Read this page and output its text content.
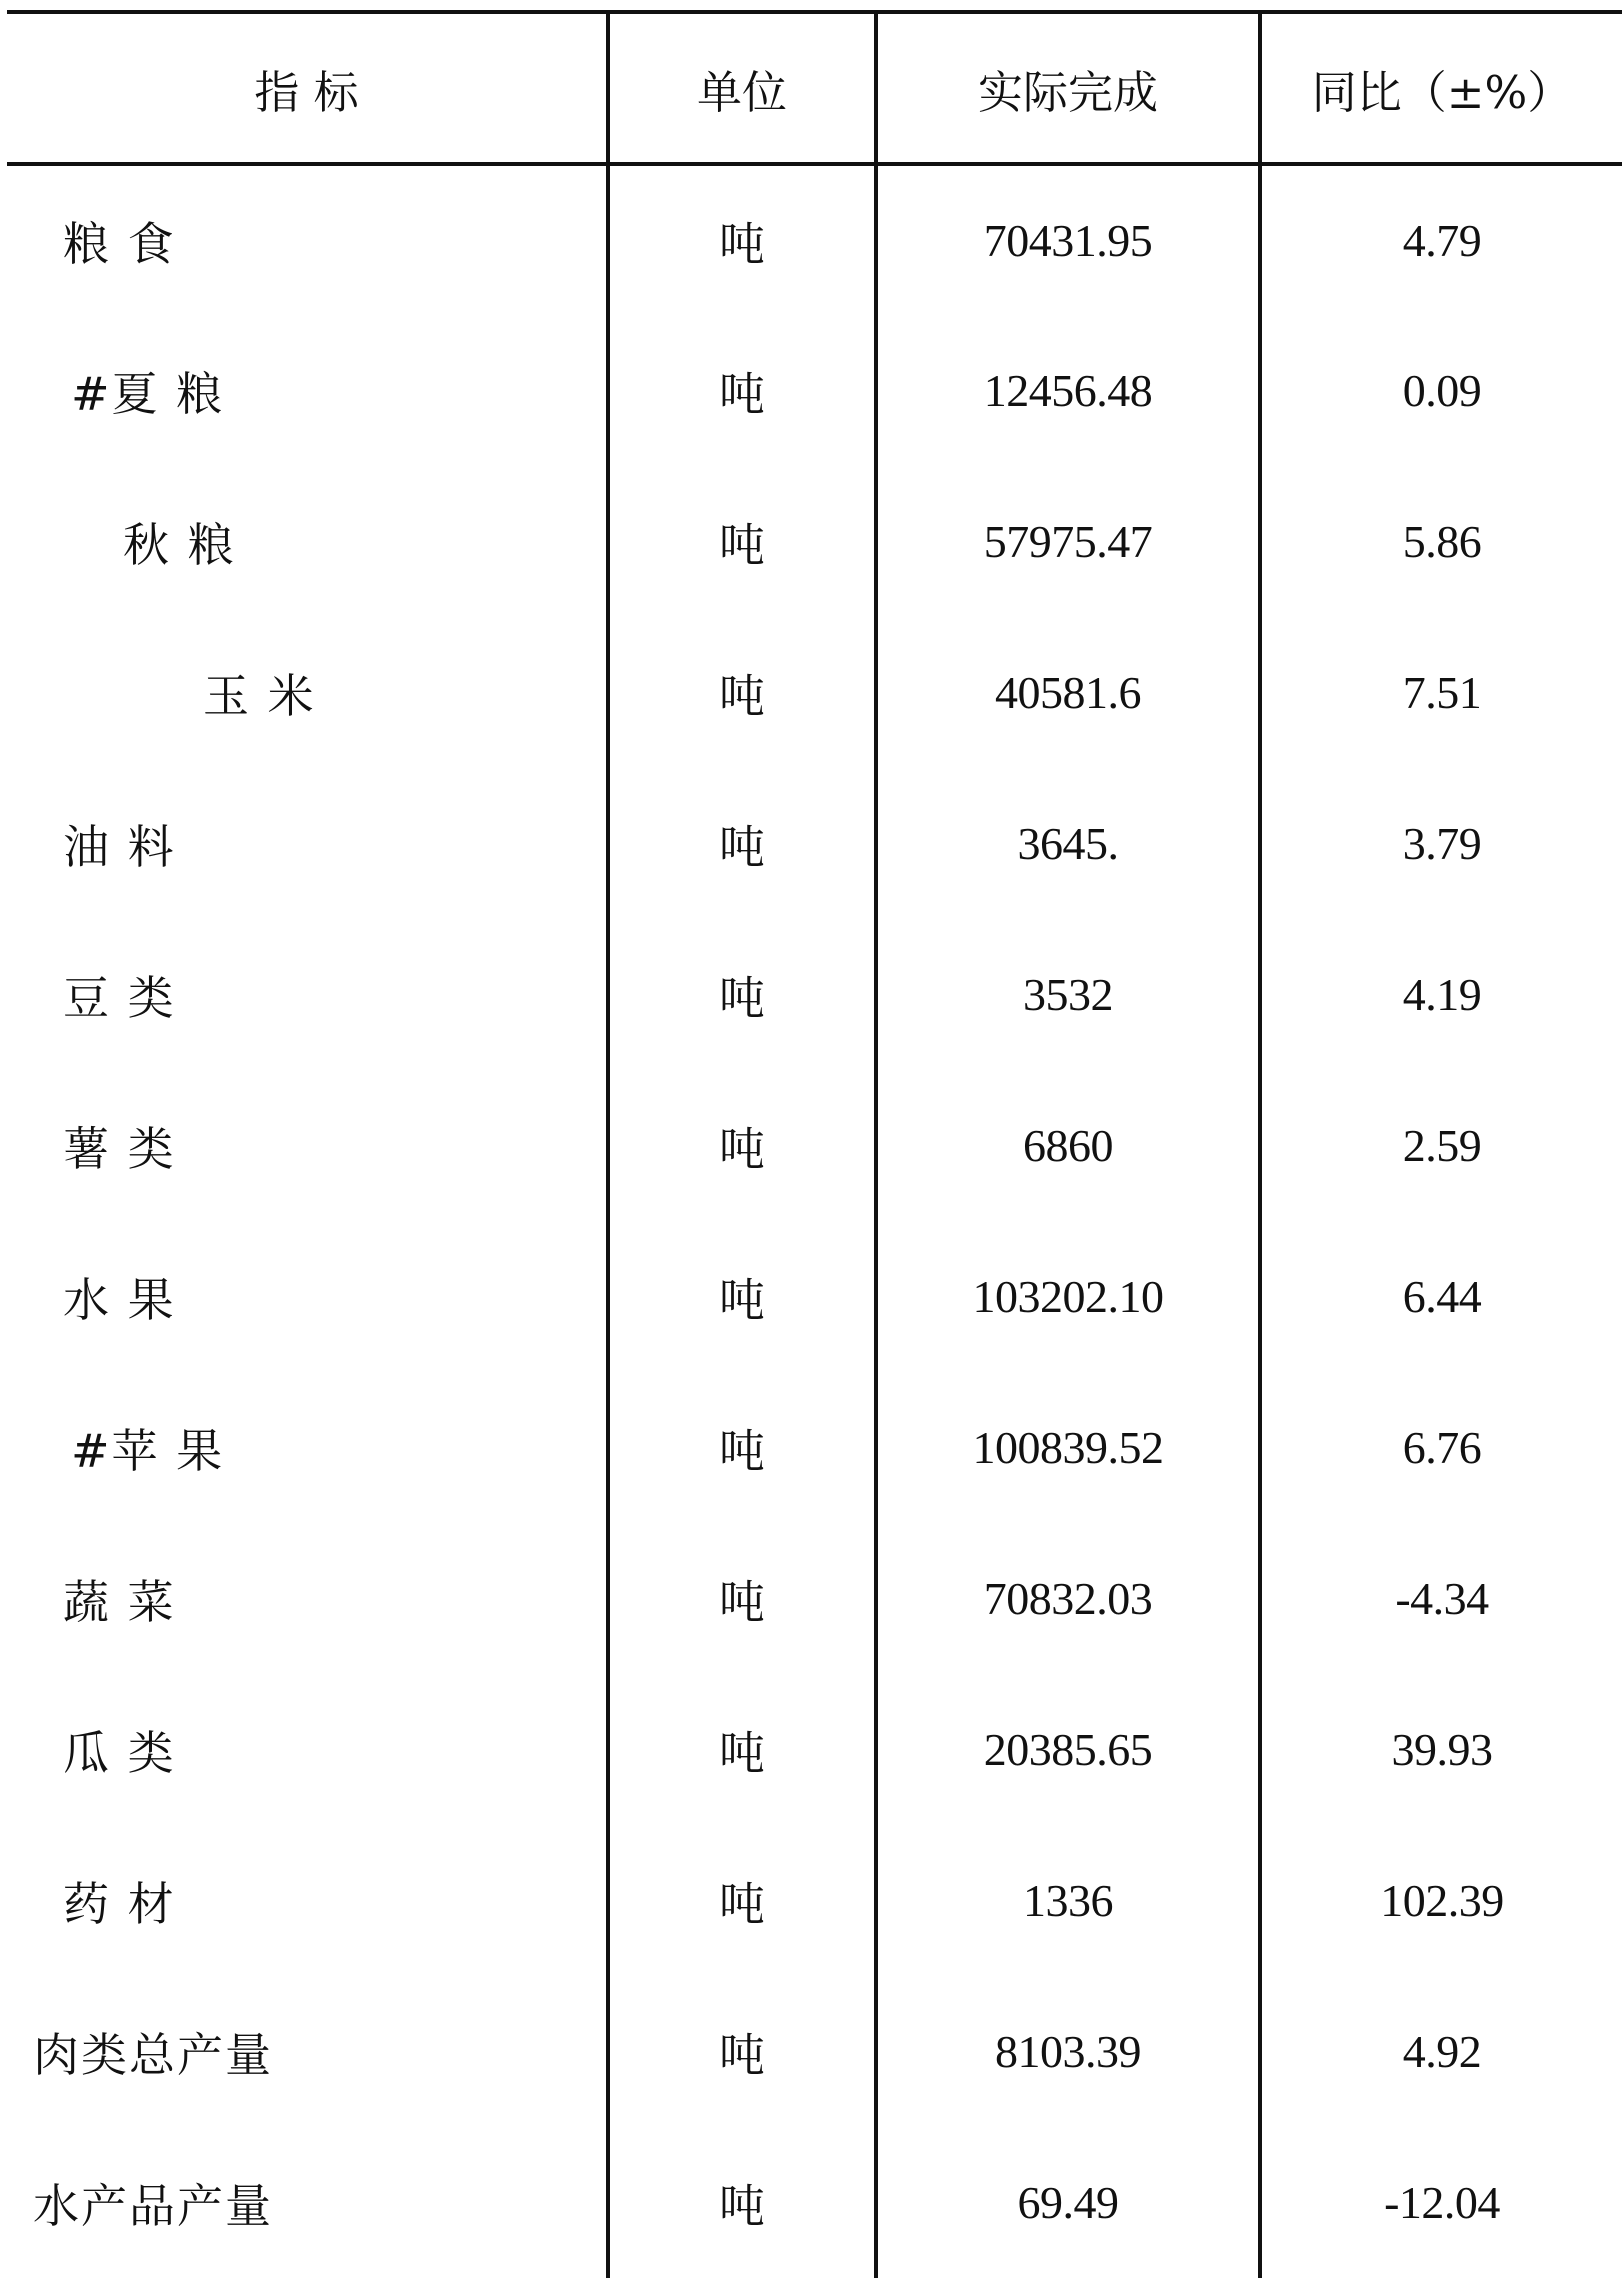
指 标	单位	实际完成	同比（±%）
粮 食	吨	70431.95	4.79
#夏 粮	吨	12456.48	0.09
秋 粮	吨	57975.47	5.86
玉 米	吨	40581.6	7.51
油 料	吨	3645.	3.79
豆 类	吨	3532	4.19
薯 类	吨	6860	2.59
水 果	吨	103202.10	6.44
#苹 果	吨	100839.52	6.76
蔬 菜	吨	70832.03	-4.34
瓜 类	吨	20385.65	39.93
药 材	吨	1336	102.39
肉类总产量	吨	8103.39	4.92
水产品产量	吨	69.49	-12.04
